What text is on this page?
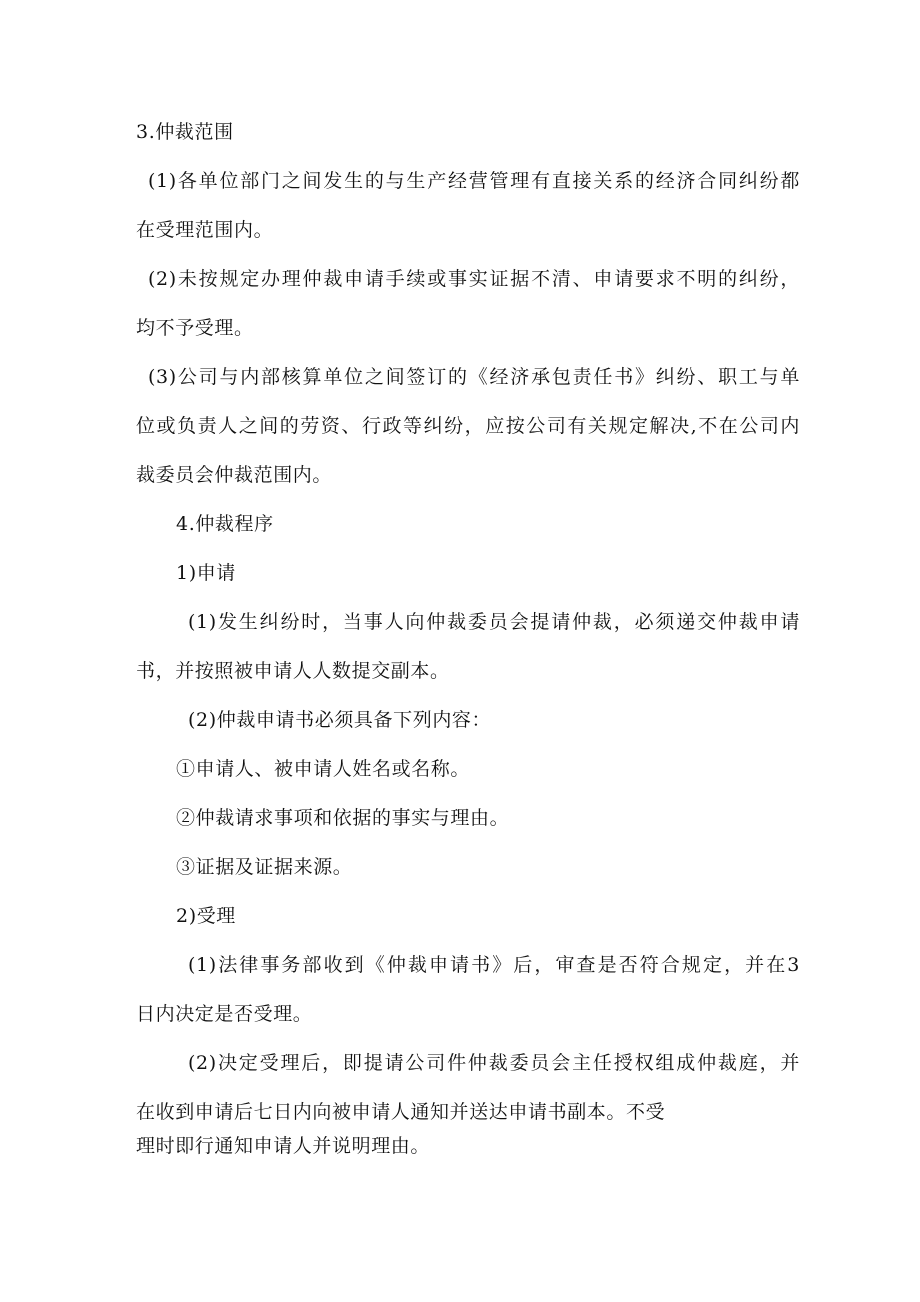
3.仲裁范围
(1)各单位部门之间发生的与生产经营管理有直接关系的经济合同纠纷都
在受理范围内。
(2)未按规定办理仲裁申请手续或事实证据不清、申请要求不明的纠纷，
均不予受理。
(3)公司与内部核算单位之间签订的《经济承包责任书》纠纷、职工与单
位或负责人之间的劳资、行政等纠纷，应按公司有关规定解决,不在公司内
裁委员会仲裁范围内。
4.仲裁程序
1)申请
(1)发生纠纷时，当事人向仲裁委员会提请仲裁，必须递交仲裁申请
书，并按照被申请人人数提交副本。
(2)仲裁申请书必须具备下列内容：
①申请人、被申请人姓名或名称。
②仲裁请求事项和依据的事实与理由。
③证据及证据来源。
2)受理
(1)法律事务部收到《仲裁申请书》后，审查是否符合规定，并在3
日内决定是否受理。
(2)决定受理后，即提请公司件仲裁委员会主任授权组成仲裁庭，并
在收到申请后七日内向被申请人通知并送达申请书副本。不受
理时即行通知申请人并说明理由。
